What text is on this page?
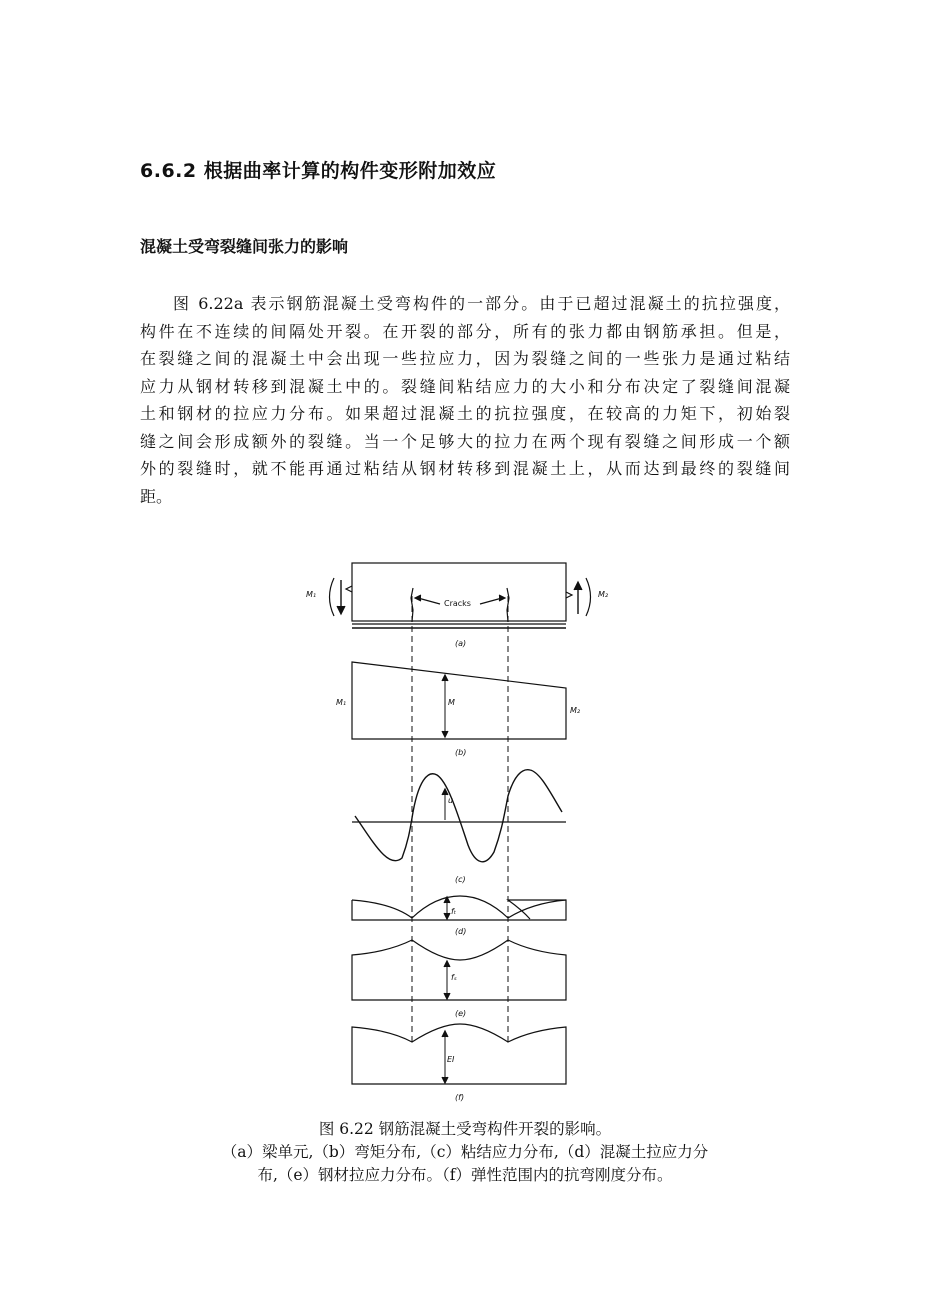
6.6.2 根据曲率计算的构件变形附加效应
混凝土受弯裂缝间张力的影响
图 6.22a 表示钢筋混凝土受弯构件的一部分。由于已超过混凝土的抗拉强度，
构件在不连续的间隔处开裂。在开裂的部分，所有的张力都由钢筋承担。但是，
在裂缝之间的混凝土中会出现一些拉应力，因为裂缝之间的一些张力是通过粘结
应力从钢材转移到混凝土中的。裂缝间粘结应力的大小和分布决定了裂缝间混凝
土和钢材的拉应力分布。如果超过混凝土的抗拉强度，在较高的力矩下，初始裂
缝之间会形成额外的裂缝。当一个足够大的拉力在两个现有裂缝之间形成一个额
外的裂缝时，就不能再通过粘结从钢材转移到混凝土上，从而达到最终的裂缝间
距。
M₁	M₂
Cracks
(a)
M₁	M
M₂
(b)
u
(c)
fₜ
(d)
fₛ
(e)
EI
(f)
图 6.22 钢筋混凝土受弯构件开裂的影响。
（a）梁单元,（b）弯矩分布,（c）粘结应力分布,（d）混凝土拉应力分
布,（e）钢材拉应力分布。（f）弹性范围内的抗弯刚度分布。
